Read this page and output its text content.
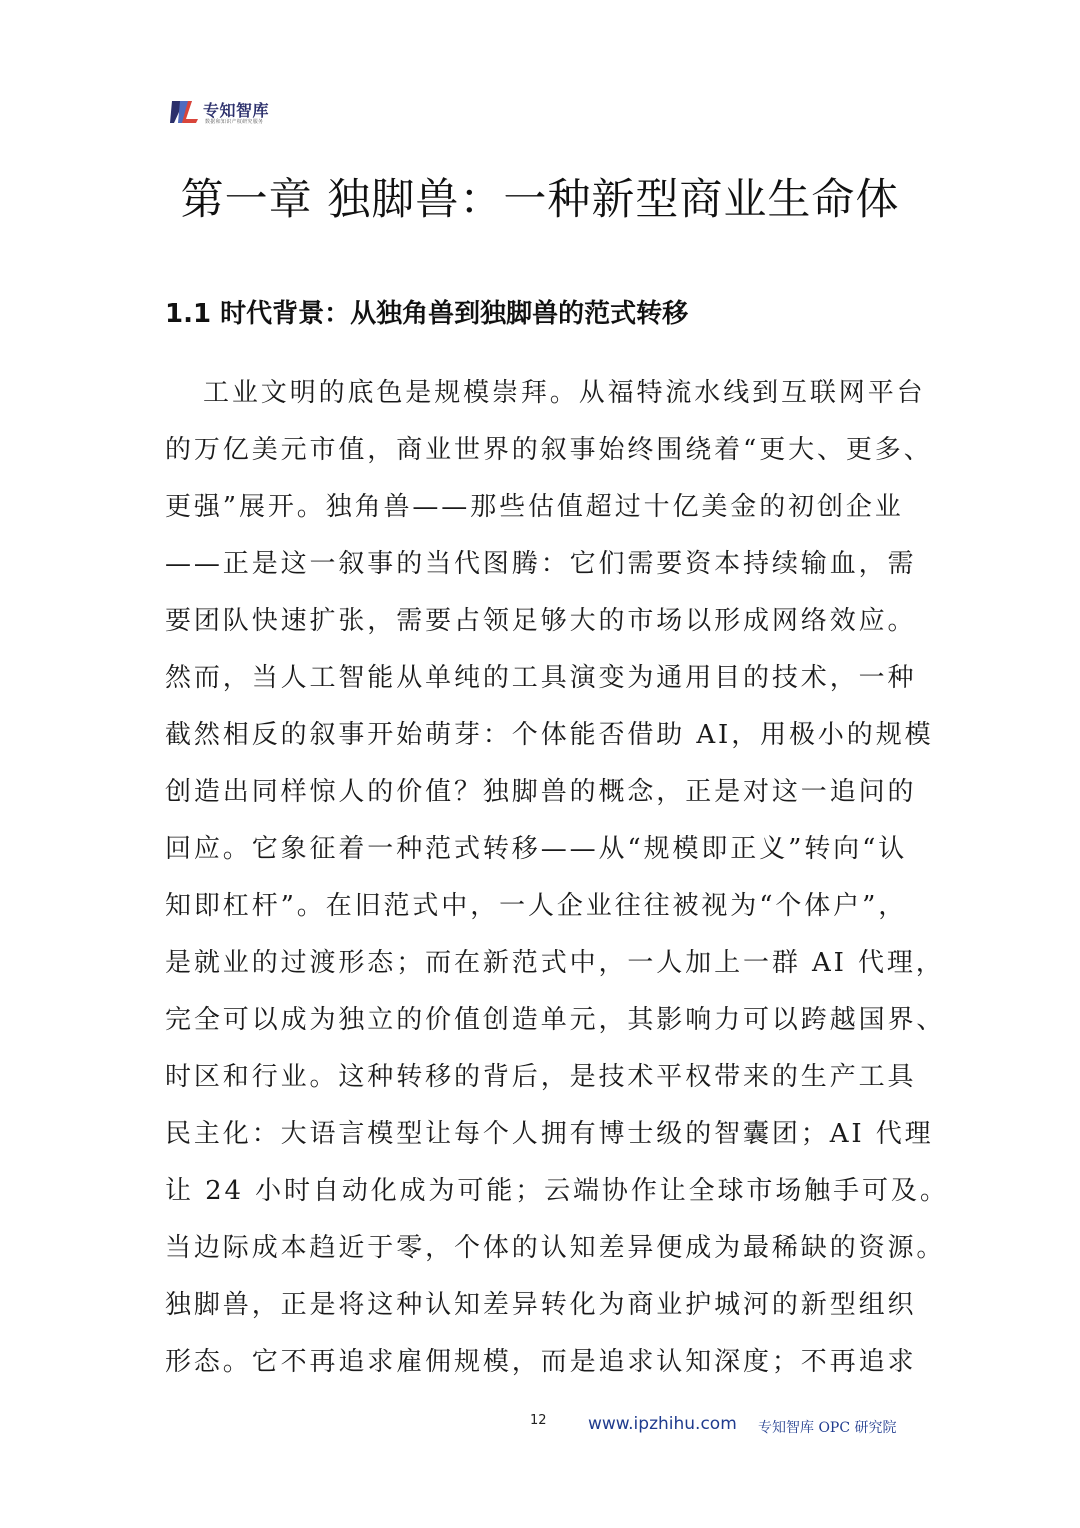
专知智库
数据和知识产权研究服务
第一章 独脚兽：一种新型商业生命体
1.1 时代背景：从独角兽到独脚兽的范式转移
工业文明的底色是规模崇拜。从福特流水线到互联网平台
的万亿美元市值，商业世界的叙事始终围绕着“更大、更多、
更强”展开。独角兽——那些估值超过十亿美金的初创企业
——正是这一叙事的当代图腾：它们需要资本持续输血，需
要团队快速扩张，需要占领足够大的市场以形成网络效应。
然而，当人工智能从单纯的工具演变为通用目的技术，一种
截然相反的叙事开始萌芽：个体能否借助 AI，用极小的规模
创造出同样惊人的价值？独脚兽的概念，正是对这一追问的
回应。它象征着一种范式转移——从“规模即正义”转向“认
知即杠杆”。在旧范式中，一人企业往往被视为“个体户”，
是就业的过渡形态；而在新范式中，一人加上一群 AI 代理，
完全可以成为独立的价值创造单元，其影响力可以跨越国界、
时区和行业。这种转移的背后，是技术平权带来的生产工具
民主化：大语言模型让每个人拥有博士级的智囊团；AI 代理
让 24 小时自动化成为可能；云端协作让全球市场触手可及。
当边际成本趋近于零，个体的认知差异便成为最稀缺的资源。
独脚兽，正是将这种认知差异转化为商业护城河的新型组织
形态。它不再追求雇佣规模，而是追求认知深度；不再追求
12 www.ipzhihu.com 专知智库 OPC 研究院
